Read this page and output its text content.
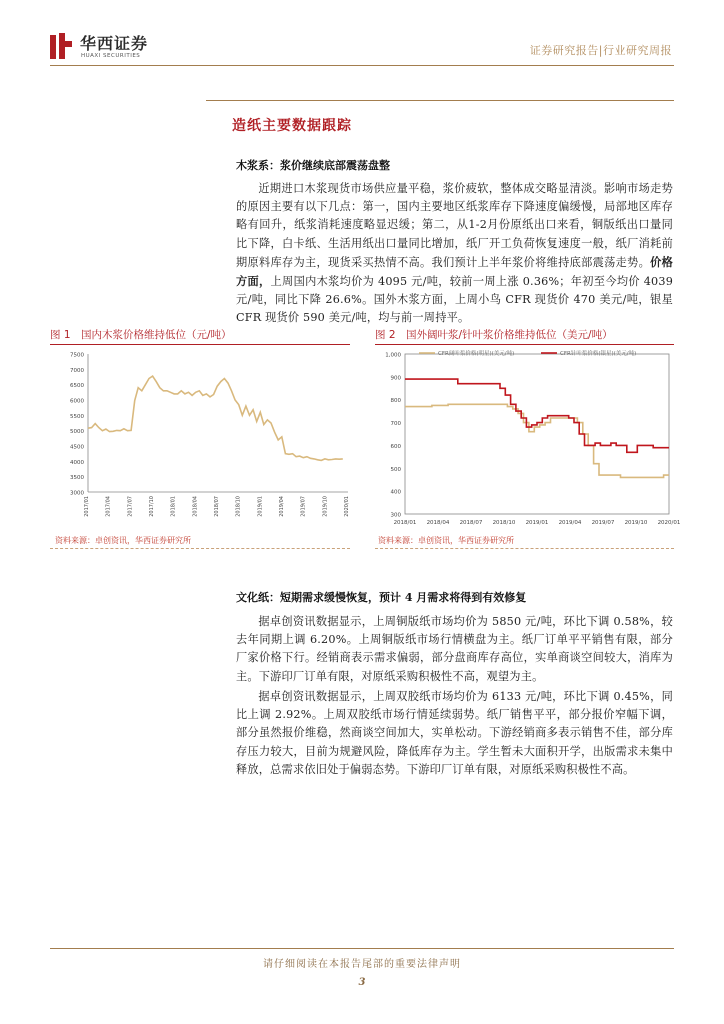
华西证券
HUAXI SECURITIES	证券研究报告|行业研究周报
造纸主要数据跟踪
木浆系：浆价继续底部震荡盘整
近期进口木浆现货市场供应量平稳，浆价疲软，整体成交略显清淡。影响市场走势的原因主要有以下几点：第一，国内主要地区纸浆库存下降速度偏缓慢，局部地区库存略有回升，纸浆消耗速度略显迟缓；第二，从1-2月份原纸出口来看，铜版纸出口量同比下降，白卡纸、生活用纸出口量同比增加，纸厂开工负荷恢复速度一般，纸厂消耗前期原料库存为主，现货采买热情不高。我们预计上半年浆价将维持底部震荡走势。价格方面，上周国内木浆均价为 4095 元/吨，较前一周上涨 0.36%；年初至今均价 4039 元/吨，同比下降 26.6%。国外木浆方面，上周小鸟 CFR 现货价 470 美元/吨，银星 CFR 现货价 590 美元/吨，均与前一周持平。
图 1　国内木浆价格维持低位（元/吨）
7500
7000
6500
6000
5500
5000
4500
4000
3500
3000
2017/01	2017/04	2017/07	2017/10	2018/01	2018/04	2018/07	2018/10	2019/01	2019/04	2019/07	2019/10	2020/01
资料来源：卓创资讯，华西证券研究所
图 2　国外阔叶浆/针叶浆价格维持低位（美元/吨）
1,000
900
800
700
600
500
400
300
2018/01 2018/04 2018/07 2018/10 2019/01 2019/04 2019/07 2019/10 2020/01
CFR阔叶浆价格(明星)(美元/吨)	CFR针叶浆价格(银星)(美元/吨)
资料来源：卓创资讯，华西证券研究所
文化纸：短期需求缓慢恢复，预计 4 月需求将得到有效修复
据卓创资讯数据显示，上周铜版纸市场均价为 5850 元/吨，环比下调 0.58%，较去年同期上调 6.20%。上周铜版纸市场行情横盘为主。纸厂订单平平销售有限，部分厂家价格下行。经销商表示需求偏弱，部分盘商库存高位，实单商谈空间较大，消库为主。下游印厂订单有限，对原纸采购积极性不高，观望为主。
据卓创资讯数据显示，上周双胶纸市场均价为 6133 元/吨，环比下调 0.45%，同比上调 2.92%。上周双胶纸市场行情延续弱势。纸厂销售平平，部分报价窄幅下调，部分虽然报价维稳，然商谈空间加大，实单松动。下游经销商多表示销售不佳，部分库存压力较大，目前为规避风险，降低库存为主。学生暂未大面积开学，出版需求未集中释放，总需求依旧处于偏弱态势。下游印厂订单有限，对原纸采购积极性不高。
请仔细阅读在本报告尾部的重要法律声明
3
